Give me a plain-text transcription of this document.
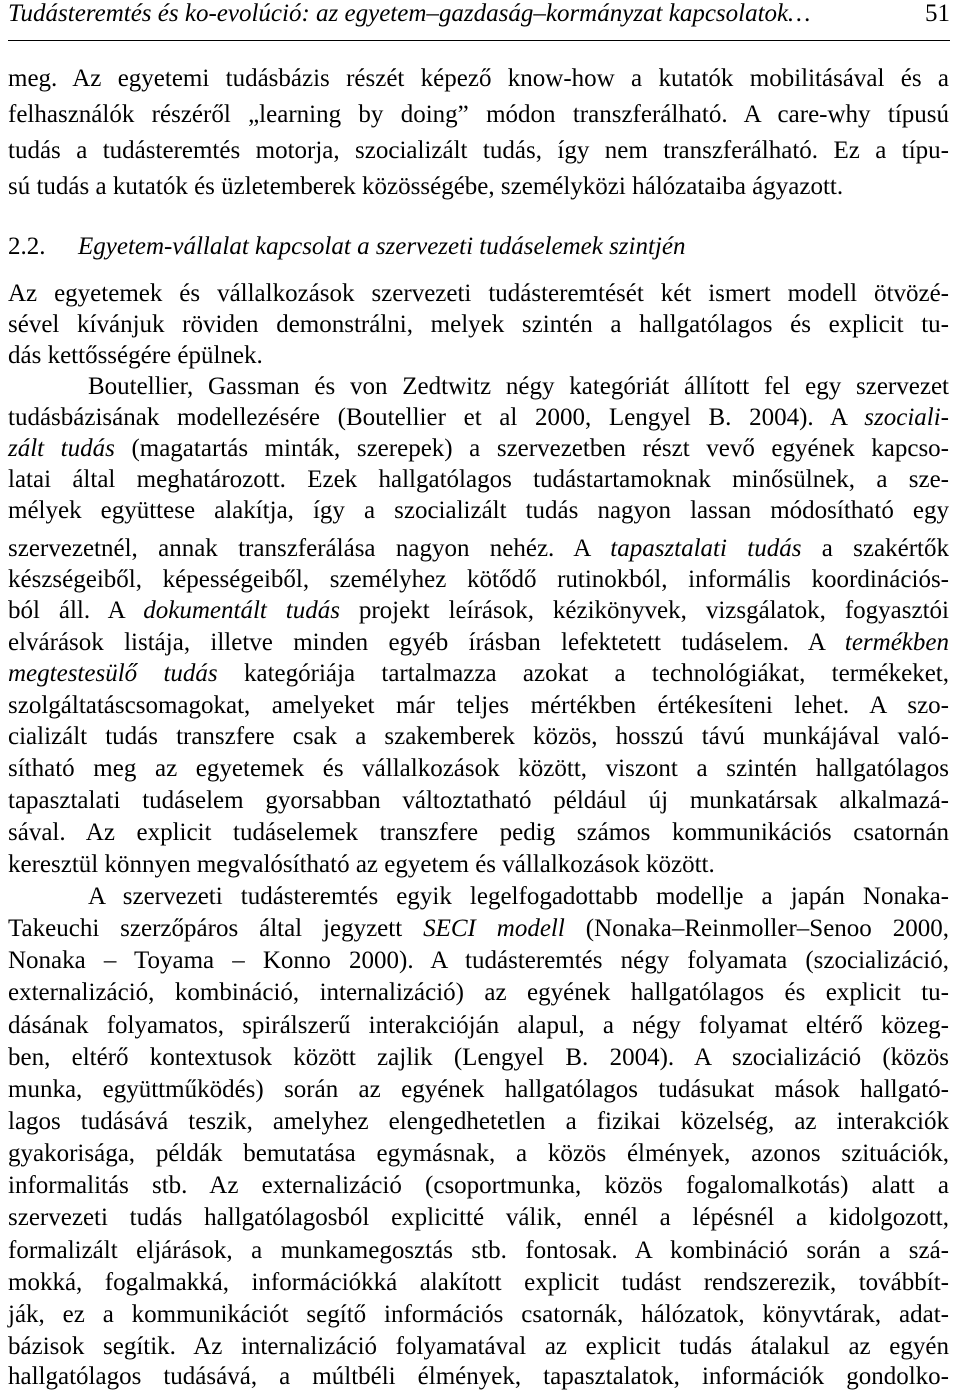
Tudásteremtés és ko-evolúció: az egyetem–gazdaság–kormányzat kapcsolatok…	51
meg. Az egyetemi tudásbázis részét képező know-how a kutatók mobilitásával és a
felhasználók részéről „learning by doing” módon transzferálható. A care-why típusú
tudás a tudásteremtés motorja, szocializált tudás, így nem transzferálható. Ez a típu-
sú tudás a kutatók és üzletemberek közösségébe, személyközi hálózataiba ágyazott.
2.2. Egyetem-vállalat kapcsolat a szervezeti tudáselemek szintjén
Az egyetemek és vállalkozások szervezeti tudásteremtését két ismert modell ötvözé-
sével kívánjuk röviden demonstrálni, melyek szintén a hallgatólagos és explicit tu-
dás kettősségére épülnek.
Boutellier, Gassman és von Zedtwitz négy kategóriát állított fel egy szervezet
tudásbázisának modellezésére (Boutellier et al 2000, Lengyel B. 2004). A szociali-
zált tudás (magatartás minták, szerepek) a szervezetben részt vevő egyének kapcso-
latai által meghatározott. Ezek hallgatólagos tudástartamoknak minősülnek, a sze-
mélyek együttese alakítja, így a szocializált tudás nagyon lassan módosítható egy
szervezetnél, annak transzferálása nagyon nehéz. A tapasztalati tudás a szakértők
készségeiből, képességeiből, személyhez kötődő rutinokból, informális koordinációs-
ból áll. A dokumentált tudás projekt leírások, kézikönyvek, vizsgálatok, fogyasztói
elvárások listája, illetve minden egyéb írásban lefektetett tudáselem. A termékben
megtestesülő tudás kategóriája tartalmazza azokat a technológiákat, termékeket,
szolgáltatáscsomagokat, amelyeket már teljes mértékben értékesíteni lehet. A szo-
cializált tudás transzfere csak a szakemberek közös, hosszú távú munkájával való-
sítható meg az egyetemek és vállalkozások között, viszont a szintén hallgatólagos
tapasztalati tudáselem gyorsabban változtatható például új munkatársak alkalmazá-
sával. Az explicit tudáselemek transzfere pedig számos kommunikációs csatornán
keresztül könnyen megvalósítható az egyetem és vállalkozások között.
A szervezeti tudásteremtés egyik legelfogadottabb modellje a japán Nonaka-
Takeuchi szerzőpáros által jegyzett SECI modell (Nonaka–Reinmoller–Senoo 2000,
Nonaka – Toyama – Konno 2000). A tudásteremtés négy folyamata (szocializáció,
externalizáció, kombináció, internalizáció) az egyének hallgatólagos és explicit tu-
dásának folyamatos, spirálszerű interakcióján alapul, a négy folyamat eltérő közeg-
ben, eltérő kontextusok között zajlik (Lengyel B. 2004). A szocializáció (közös
munka, együttműködés) során az egyének hallgatólagos tudásukat mások hallgató-
lagos tudásává teszik, amelyhez elengedhetetlen a fizikai közelség, az interakciók
gyakorisága, példák bemutatása egymásnak, a közös élmények, azonos szituációk,
informalitás stb. Az externalizáció (csoportmunka, közös fogalomalkotás) alatt a
szervezeti tudás hallgatólagosból explicitté válik, ennél a lépésnél a kidolgozott,
formalizált eljárások, a munkamegosztás stb. fontosak. A kombináció során a szá-
mokká, fogalmakká, információkká alakított explicit tudást rendszerezik, továbbít-
ják, ez a kommunikációt segítő információs csatornák, hálózatok, könyvtárak, adat-
bázisok segítik. Az internalizáció folyamatával az explicit tudás átalakul az egyén
hallgatólagos tudásává, a múltbéli élmények, tapasztalatok, információk gondolko-
